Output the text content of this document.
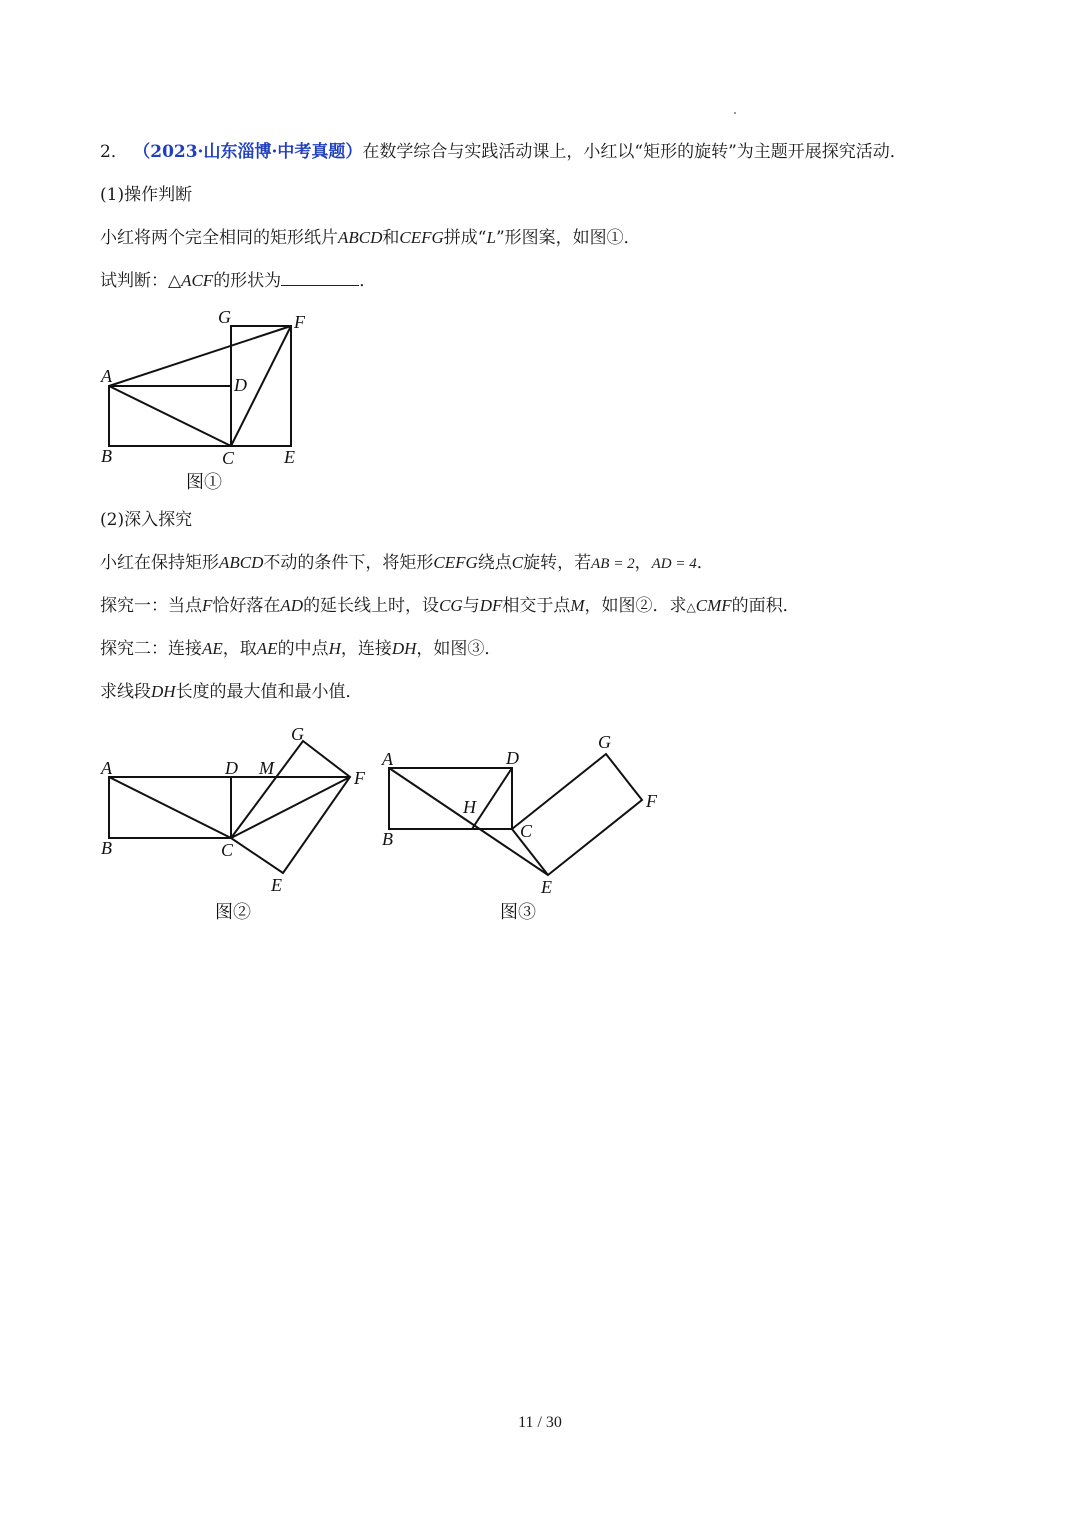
2． （2023·山东淄博·中考真题）在数学综合与实践活动课上，小红以“矩形的旋转”为主题开展探究活动．
(1)操作判断
小红将两个完全相同的矩形纸片ABCD和CEFG拼成“L”形图案，如图①．
试判断：△ACF的形状为	．
(2)深入探究
小红在保持矩形ABCD不动的条件下，将矩形CEFG绕点C旋转，若AB = 2，AD = 4．
探究一：当点F恰好落在AD的延长线上时，设CG与DF相交于点M，如图②．求△CMF的面积．
探究二：连接AE，取AE的中点H，连接DH，如图③．
求线段DH长度的最大值和最小值．
A
B	C
D
E
F
G
图①
A
B	C
D
E
F
G
M
图②
A
B	C
D
E
F
G
H
图③
11 / 30
